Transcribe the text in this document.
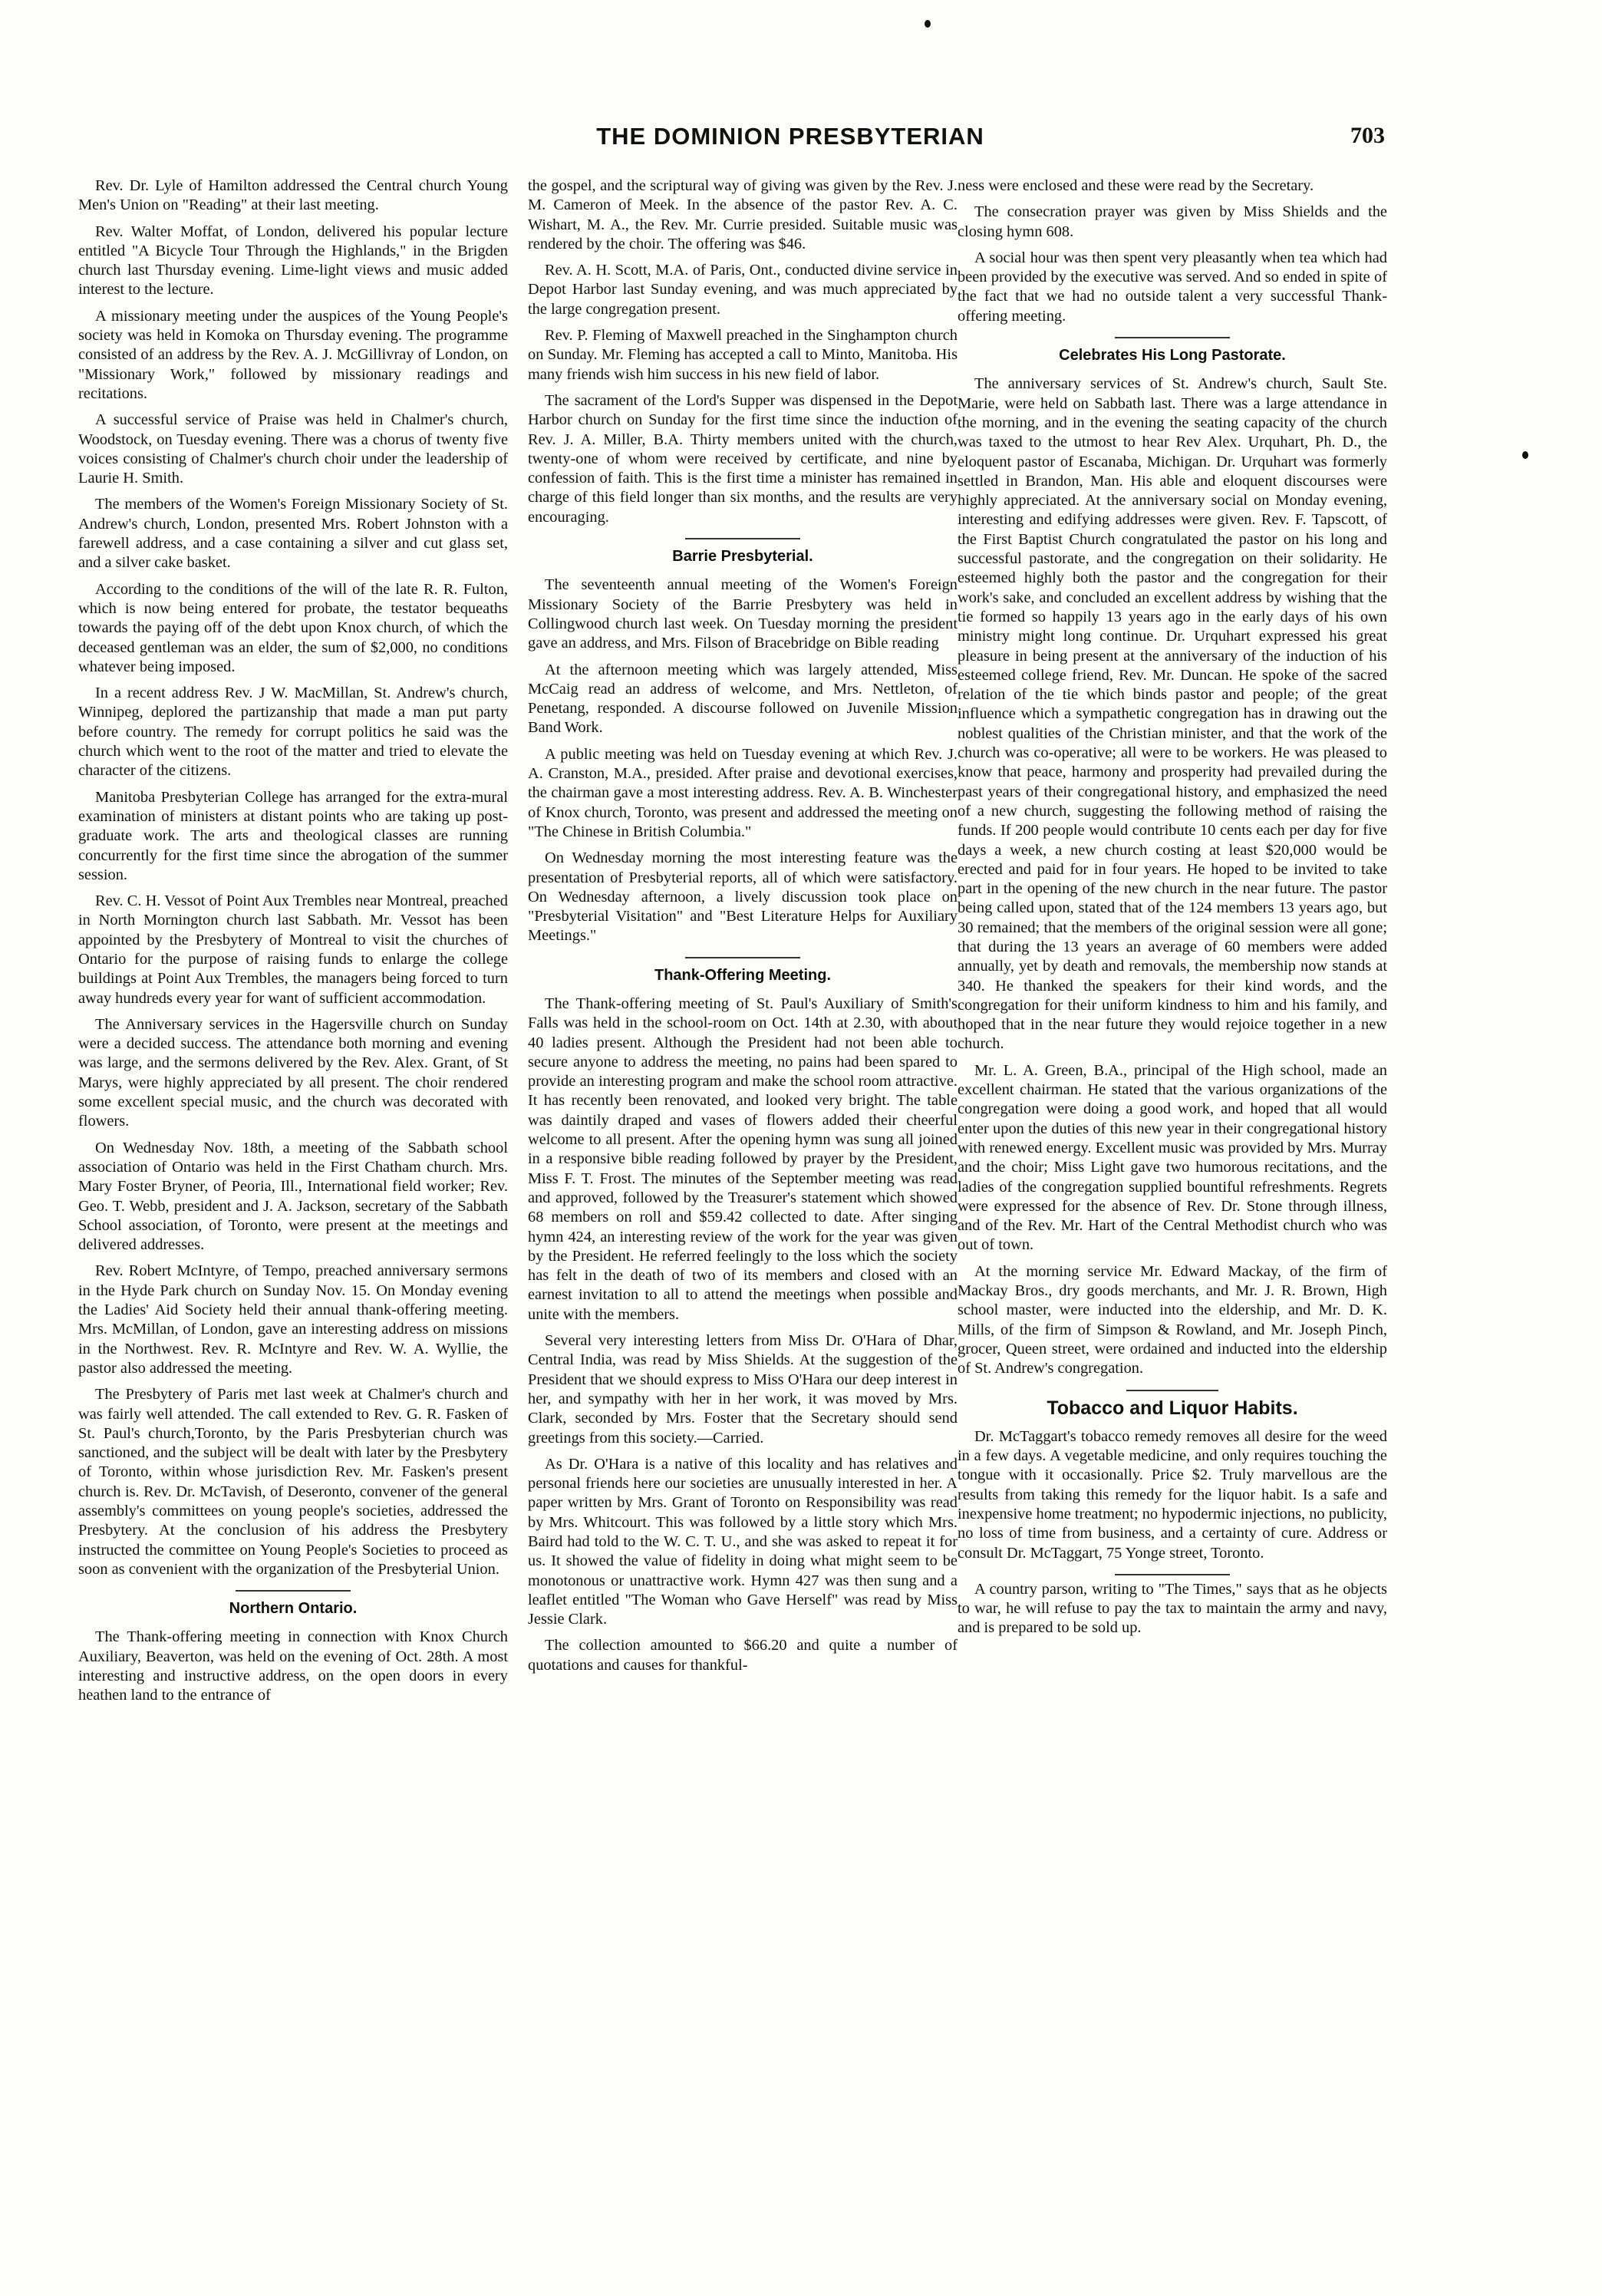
THE DOMINION PRESBYTERIAN	703

Rev. Dr. Lyle of Hamilton addressed the Central church Young Men's Union on "Reading" at their last meeting.

Rev. Walter Moffat, of London, delivered his popular lecture entitled "A Bicycle Tour Through the Highlands," in the Brigden church last Thursday evening. Lime-light views and music added interest to the lecture.

A missionary meeting under the auspices of the Young People's society was held in Komoka on Thursday evening. The programme consisted of an address by the Rev. A. J. McGillivray of London, on "Missionary Work," followed by missionary readings and recitations.

A successful service of Praise was held in Chalmer's church, Woodstock, on Tuesday evening. There was a chorus of twenty five voices consisting of Chalmer's church choir under the leadership of Laurie H. Smith.

The members of the Women's Foreign Missionary Society of St. Andrew's church, London, presented Mrs. Robert Johnston with a farewell address, and a case containing a silver and cut glass set, and a silver cake basket.

According to the conditions of the will of the late R. R. Fulton, which is now being entered for probate, the testator bequeaths towards the paying off of the debt upon Knox church, of which the deceased gentleman was an elder, the sum of $2,000, no conditions whatever being imposed.

In a recent address Rev. J W. MacMillan, St. Andrew's church, Winnipeg, deplored the partizanship that made a man put party before country. The remedy for corrupt politics he said was the church which went to the root of the matter and tried to elevate the character of the citizens.

Manitoba Presbyterian College has arranged for the extra-mural examination of ministers at distant points who are taking up post-graduate work. The arts and theological classes are running concurrently for the first time since the abrogation of the summer session.

Rev. C. H. Vessot of Point Aux Trembles near Montreal, preached in North Mornington church last Sabbath. Mr. Vessot has been appointed by the Presbytery of Montreal to visit the churches of Ontario for the purpose of raising funds to enlarge the college buildings at Point Aux Trembles, the managers being forced to turn away hundreds every year for want of sufficient accommodation.

The Anniversary services in the Hagersville church on Sunday were a decided success. The attendance both morning and evening was large, and the sermons delivered by the Rev. Alex. Grant, of St Marys, were highly appreciated by all present. The choir rendered some excellent special music, and the church was decorated with flowers.

On Wednesday Nov. 18th, a meeting of the Sabbath school association of Ontario was held in the First Chatham church. Mrs. Mary Foster Bryner, of Peoria, Ill., International field worker; Rev. Geo. T. Webb, president and J. A. Jackson, secretary of the Sabbath School association, of Toronto, were present at the meetings and delivered addresses.

Rev. Robert McIntyre, of Tempo, preached anniversary sermons in the Hyde Park church on Sunday Nov. 15. On Monday evening the Ladies' Aid Society held their annual thank-offering meeting. Mrs. McMillan, of London, gave an interesting address on missions in the Northwest. Rev. R. McIntyre and Rev. W. A. Wyllie, the pastor also addressed the meeting.

The Presbytery of Paris met last week at Chalmer's church and was fairly well attended. The call extended to Rev. G. R. Fasken of St. Paul's church,Toronto, by the Paris Presbyterian church was sanctioned, and the subject will be dealt with later by the Presbytery of Toronto, within whose jurisdiction Rev. Mr. Fasken's present church is. Rev. Dr. McTavish, of Deseronto, convener of the general assembly's committees on young people's societies, addressed the Presbytery. At the conclusion of his address the Presbytery instructed the committee on Young People's Societies to proceed as soon as convenient with the organization of the Presbyterial Union.

Northern Ontario.

The Thank-offering meeting in connection with Knox Church Auxiliary, Beaverton, was held on the evening of Oct. 28th. A most interesting and instructive address, on the open doors in every heathen land to the entrance of

the gospel, and the scriptural way of giving was given by the Rev. J. M. Cameron of Meek. In the absence of the pastor Rev. A. C. Wishart, M. A., the Rev. Mr. Currie presided. Suitable music was rendered by the choir. The offering was $46.

Rev. A. H. Scott, M.A. of Paris, Ont., conducted divine service in Depot Harbor last Sunday evening, and was much appreciated by the large congregation present.

Rev. P. Fleming of Maxwell preached in the Singhampton church on Sunday. Mr. Fleming has accepted a call to Minto, Manitoba. His many friends wish him success in his new field of labor.

The sacrament of the Lord's Supper was dispensed in the Depot Harbor church on Sunday for the first time since the induction of Rev. J. A. Miller, B.A. Thirty members united with the church, twenty-one of whom were received by certificate, and nine by confession of faith. This is the first time a minister has remained in charge of this field longer than six months, and the results are very encouraging.

Barrie Presbyterial.

The seventeenth annual meeting of the Women's Foreign Missionary Society of the Barrie Presbytery was held in Collingwood church last week. On Tuesday morning the president gave an address, and Mrs. Filson of Bracebridge on Bible reading

At the afternoon meeting which was largely attended, Miss McCaig read an address of welcome, and Mrs. Nettleton, of Penetang, responded. A discourse followed on Juvenile Mission Band Work.

A public meeting was held on Tuesday evening at which Rev. J. A. Cranston, M.A., presided. After praise and devotional exercises, the chairman gave a most interesting address. Rev. A. B. Winchester of Knox church, Toronto, was present and addressed the meeting on "The Chinese in British Columbia."

On Wednesday morning the most interesting feature was the presentation of Presbyterial reports, all of which were satisfactory. On Wednesday afternoon, a lively discussion took place on "Presbyterial Visitation" and "Best Literature Helps for Auxiliary Meetings."

Thank-Offering Meeting.

The Thank-offering meeting of St. Paul's Auxiliary of Smith's Falls was held in the school-room on Oct. 14th at 2.30, with about 40 ladies present. Although the President had not been able to secure anyone to address the meeting, no pains had been spared to provide an interesting program and make the school room attractive. It has recently been renovated, and looked very bright. The table was daintily draped and vases of flowers added their cheerful welcome to all present. After the opening hymn was sung all joined in a responsive bible reading followed by prayer by the President, Miss F. T. Frost. The minutes of the September meeting was read and approved, followed by the Treasurer's statement which showed 68 members on roll and $59.42 collected to date. After singing hymn 424, an interesting review of the work for the year was given by the President. He referred feelingly to the loss which the society has felt in the death of two of its members and closed with an earnest invitation to all to attend the meetings when possible and unite with the members.

Several very interesting letters from Miss Dr. O'Hara of Dhar, Central India, was read by Miss Shields. At the suggestion of the President that we should express to Miss O'Hara our deep interest in her, and sympathy with her in her work, it was moved by Mrs. Clark, seconded by Mrs. Foster that the Secretary should send greetings from this society.—Carried.

As Dr. O'Hara is a native of this locality and has relatives and personal friends here our societies are unusually interested in her. A paper written by Mrs. Grant of Toronto on Responsibility was read by Mrs. Whitcourt. This was followed by a little story which Mrs. Baird had told to the W. C. T. U., and she was asked to repeat it for us. It showed the value of fidelity in doing what might seem to be monotonous or unattractive work. Hymn 427 was then sung and a leaflet entitled "The Woman who Gave Herself" was read by Miss Jessie Clark.

The collection amounted to $66.20 and quite a number of quotations and causes for thankful-

ness were enclosed and these were read by the Secretary.

The consecration prayer was given by Miss Shields and the closing hymn 608.

A social hour was then spent very pleasantly when tea which had been provided by the executive was served. And so ended in spite of the fact that we had no outside talent a very successful Thank-offering meeting.

Celebrates His Long Pastorate.

The anniversary services of St. Andrew's church, Sault Ste. Marie, were held on Sabbath last. There was a large attendance in the morning, and in the evening the seating capacity of the church was taxed to the utmost to hear Rev Alex. Urquhart, Ph. D., the eloquent pastor of Escanaba, Michigan. Dr. Urquhart was formerly settled in Brandon, Man. His able and eloquent discourses were highly appreciated. At the anniversary social on Monday evening, interesting and edifying addresses were given. Rev. F. Tapscott, of the First Baptist Church congratulated the pastor on his long and successful pastorate, and the congregation on their solidarity. He esteemed highly both the pastor and the congregation for their work's sake, and concluded an excellent address by wishing that the tie formed so happily 13 years ago in the early days of his own ministry might long continue. Dr. Urquhart expressed his great pleasure in being present at the anniversary of the induction of his esteemed college friend, Rev. Mr. Duncan. He spoke of the sacred relation of the tie which binds pastor and people; of the great influence which a sympathetic congregation has in drawing out the noblest qualities of the Christian minister, and that the work of the church was co-operative; all were to be workers. He was pleased to know that peace, harmony and prosperity had prevailed during the past years of their congregational history, and emphasized the need of a new church, suggesting the following method of raising the funds. If 200 people would contribute 10 cents each per day for five days a week, a new church costing at least $20,000 would be erected and paid for in four years. He hoped to be invited to take part in the opening of the new church in the near future. The pastor being called upon, stated that of the 124 members 13 years ago, but 30 remained; that the members of the original session were all gone; that during the 13 years an average of 60 members were added annually, yet by death and removals, the membership now stands at 340. He thanked the speakers for their kind words, and the congregation for their uniform kindness to him and his family, and hoped that in the near future they would rejoice together in a new church.

Mr. L. A. Green, B.A., principal of the High school, made an excellent chairman. He stated that the various organizations of the congregation were doing a good work, and hoped that all would enter upon the duties of this new year in their congregational history with renewed energy. Excellent music was provided by Mrs. Murray and the choir; Miss Light gave two humorous recitations, and the ladies of the congregation supplied bountiful refreshments. Regrets were expressed for the absence of Rev. Dr. Stone through illness, and of the Rev. Mr. Hart of the Central Methodist church who was out of town.

At the morning service Mr. Edward Mackay, of the firm of Mackay Bros., dry goods merchants, and Mr. J. R. Brown, High school master, were inducted into the eldership, and Mr. D. K. Mills, of the firm of Simpson & Rowland, and Mr. Joseph Pinch, grocer, Queen street, were ordained and inducted into the eldership of St. Andrew's congregation.

Tobacco and Liquor Habits.

Dr. McTaggart's tobacco remedy removes all desire for the weed in a few days. A vegetable medicine, and only requires touching the tongue with it occasionally. Price $2. Truly marvellous are the results from taking this remedy for the liquor habit. Is a safe and inexpensive home treatment; no hypodermic injections, no publicity, no loss of time from business, and a certainty of cure. Address or consult Dr. McTaggart, 75 Yonge street, Toronto.

A country parson, writing to "The Times," says that as he objects to war, he will refuse to pay the tax to maintain the army and navy, and is prepared to be sold up.
